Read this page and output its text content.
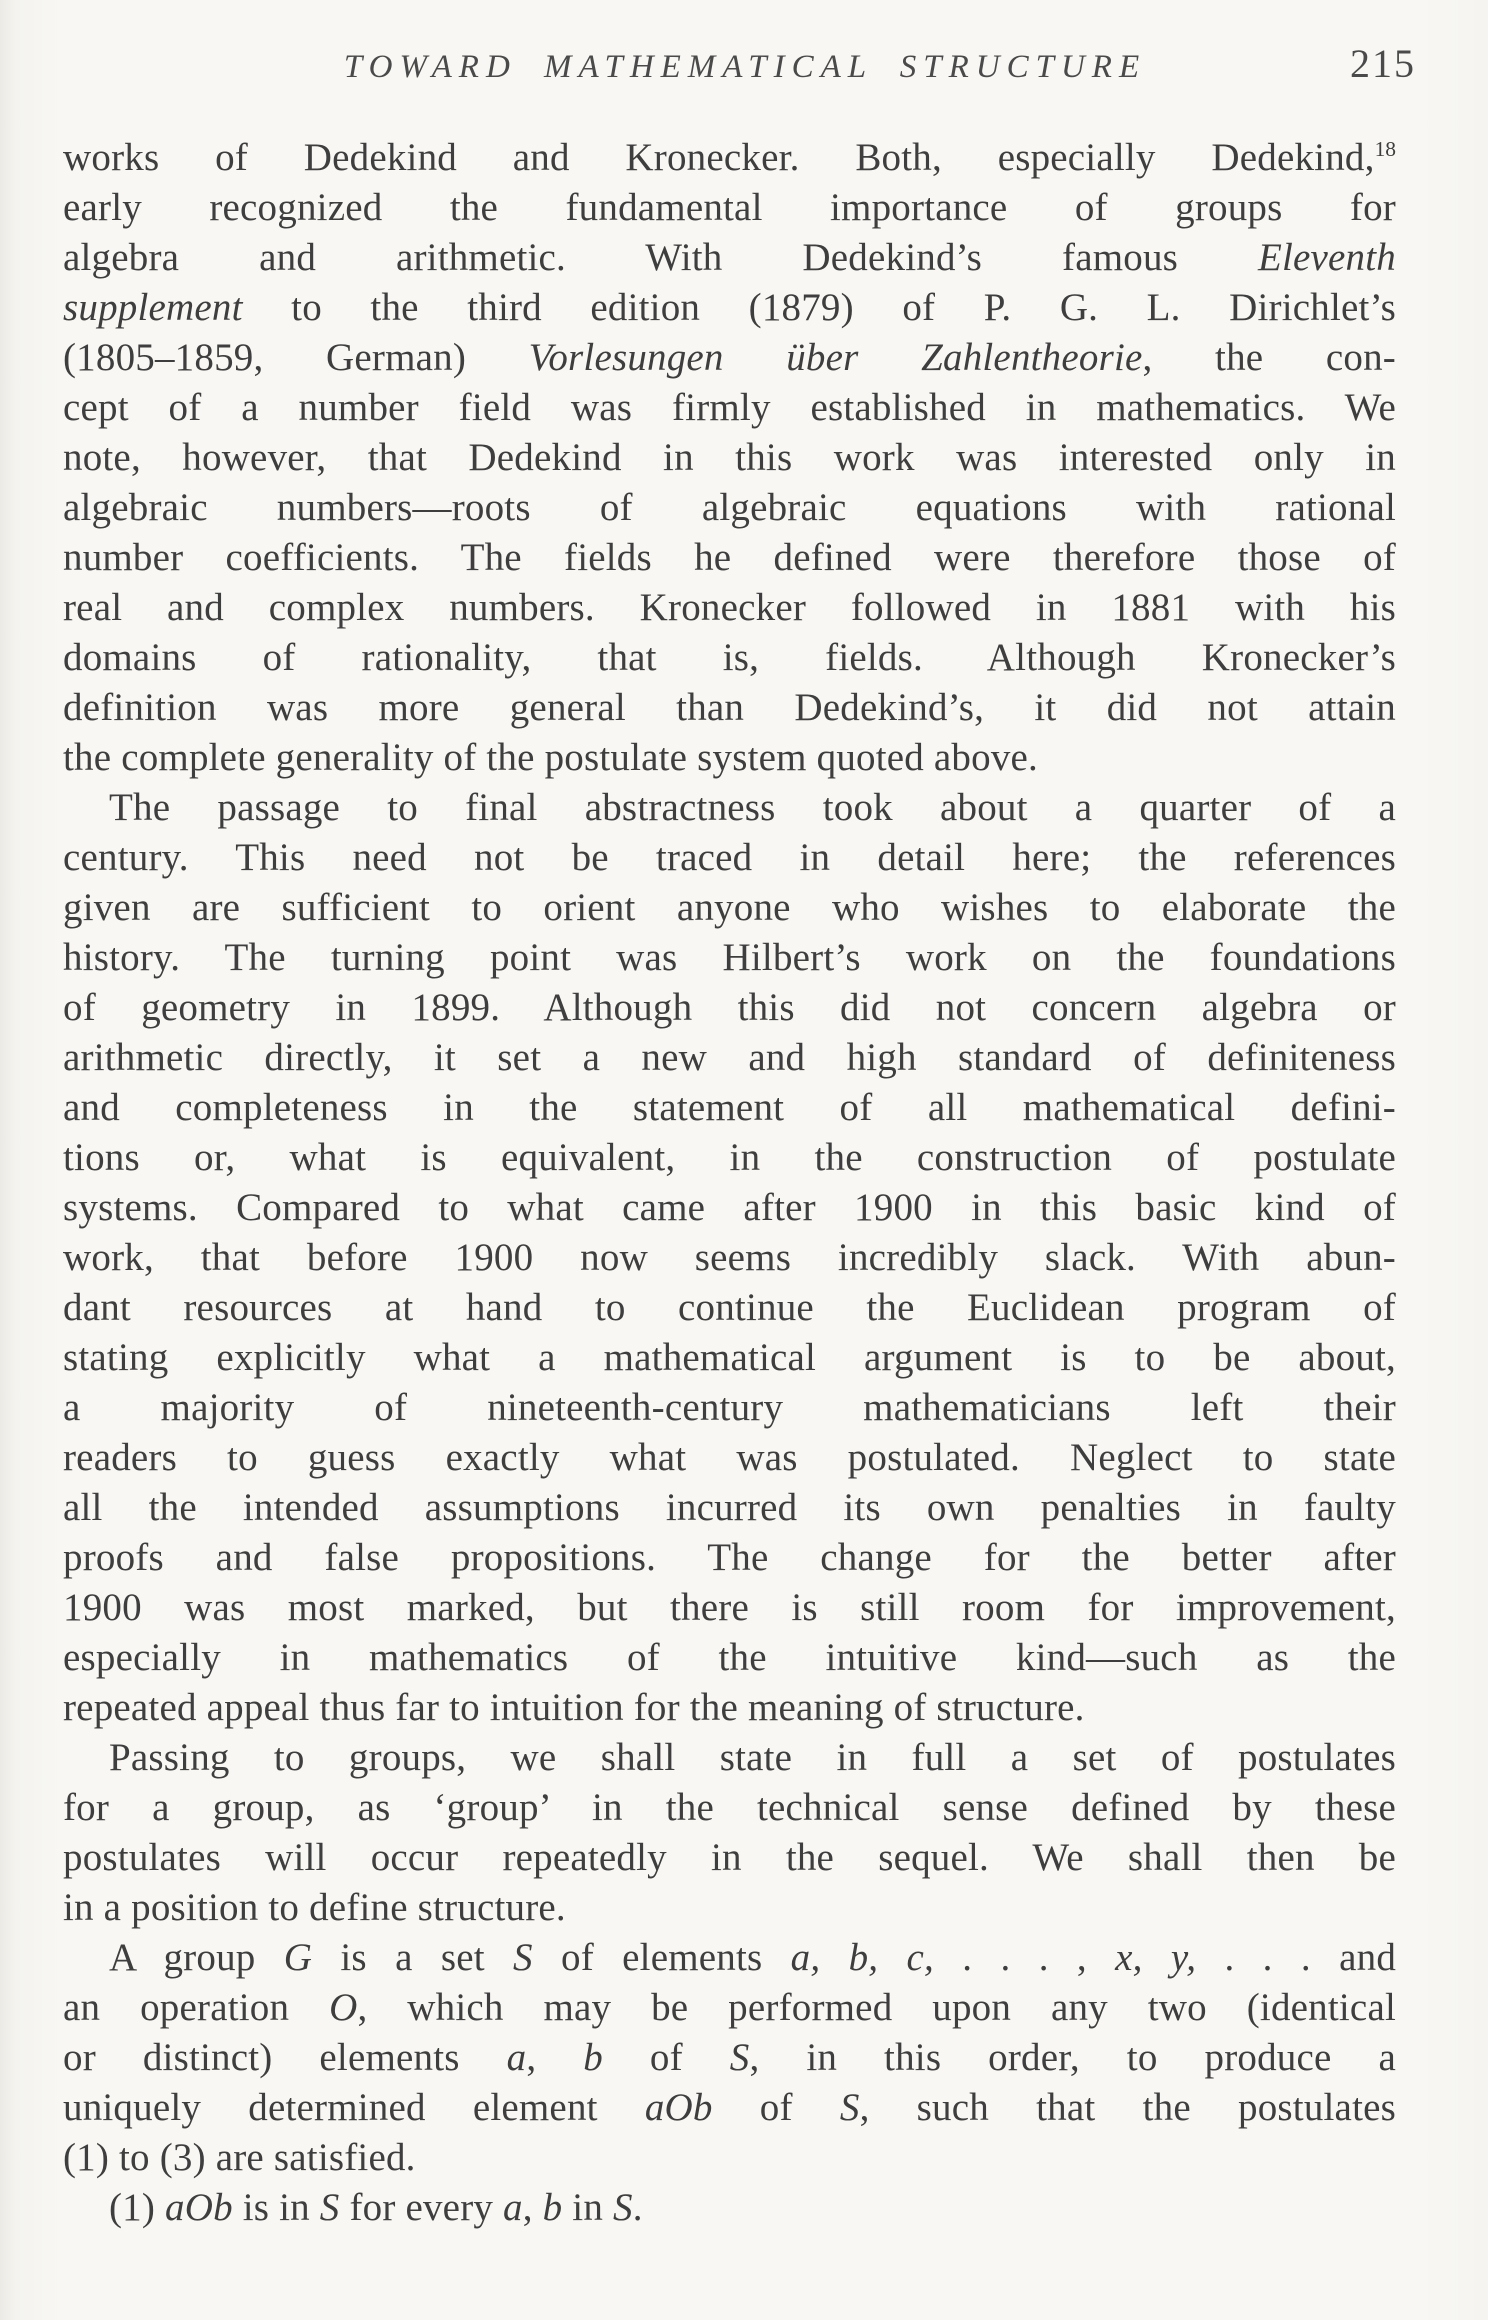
TOWARD MATHEMATICAL STRUCTURE	215
works of Dedekind and Kronecker. Both, especially Dedekind,$^{18}$
early recognized the fundamental importance of groups for
algebra and arithmetic. With Dedekind’s famous Eleventh
supplement to the third edition (1879) of P. G. L. Dirichlet’s
(1805–1859, German) Vorlesungen über Zahlentheorie, the con-
cept of a number field was firmly established in mathematics. We
note, however, that Dedekind in this work was interested only in
algebraic numbers—roots of algebraic equations with rational
number coefficients. The fields he defined were therefore those of
real and complex numbers. Kronecker followed in 1881 with his
domains of rationality, that is, fields. Although Kronecker’s
definition was more general than Dedekind’s, it did not attain
the complete generality of the postulate system quoted above.
The passage to final abstractness took about a quarter of a
century. This need not be traced in detail here; the references
given are sufficient to orient anyone who wishes to elaborate the
history. The turning point was Hilbert’s work on the foundations
of geometry in 1899. Although this did not concern algebra or
arithmetic directly, it set a new and high standard of definiteness
and completeness in the statement of all mathematical defini-
tions or, what is equivalent, in the construction of postulate
systems. Compared to what came after 1900 in this basic kind of
work, that before 1900 now seems incredibly slack. With abun-
dant resources at hand to continue the Euclidean program of
stating explicitly what a mathematical argument is to be about,
a majority of nineteenth-century mathematicians left their
readers to guess exactly what was postulated. Neglect to state
all the intended assumptions incurred its own penalties in faulty
proofs and false propositions. The change for the better after
1900 was most marked, but there is still room for improvement,
especially in mathematics of the intuitive kind—such as the
repeated appeal thus far to intuition for the meaning of structure.
Passing to groups, we shall state in full a set of postulates
for a group, as ‘group’ in the technical sense defined by these
postulates will occur repeatedly in the sequel. We shall then be
in a position to define structure.
A group G is a set S of elements a, b, c, . . . , x, y, . . . and
an operation O, which may be performed upon any two (identical
or distinct) elements a, b of S, in this order, to produce a
uniquely determined element aOb of S, such that the postulates
(1) to (3) are satisfied.
(1) aOb is in S for every a, b in S.
